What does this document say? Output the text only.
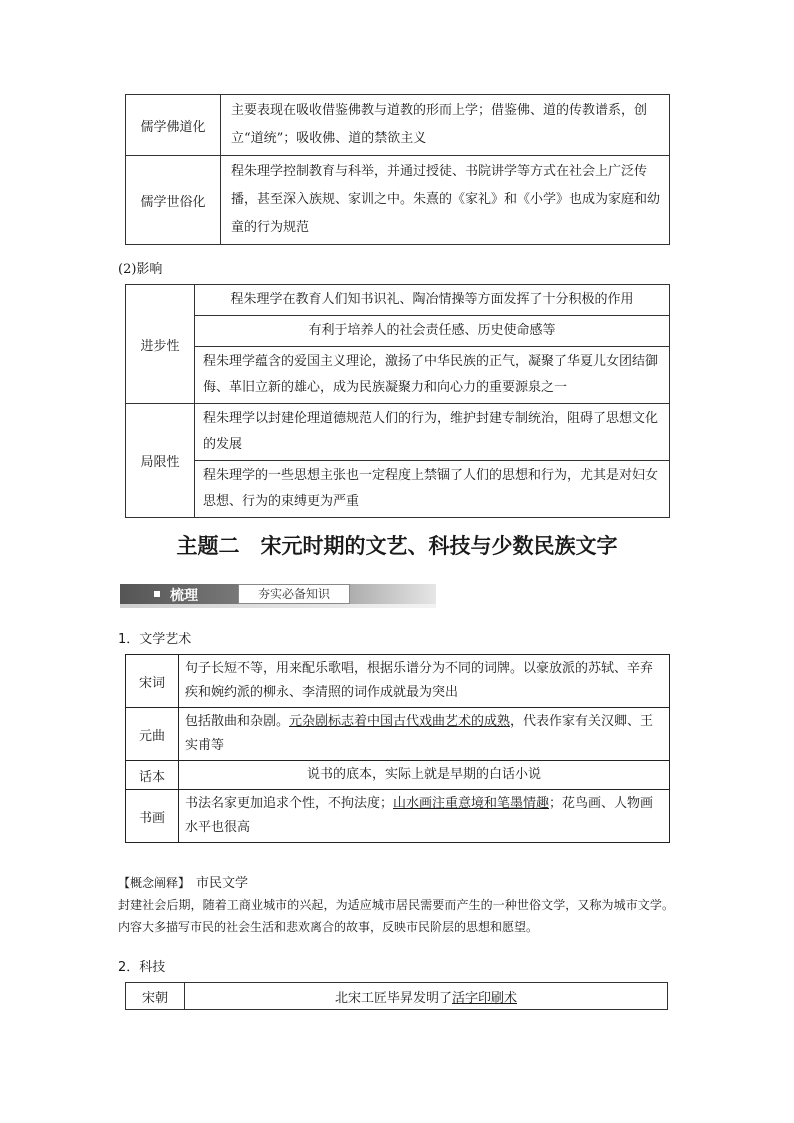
儒学佛道化	主要表现在吸收借鉴佛教与道教的形而上学；借鉴佛、道的传教谱系，创立“道统”；吸收佛、道的禁欲主义
儒学世俗化	程朱理学控制教育与科举，并通过授徒、书院讲学等方式在社会上广泛传播，甚至深入族规、家训之中。朱熹的《家礼》和《小学》也成为家庭和幼童的行为规范
(2)影响
进步性	程朱理学在教育人们知书识礼、陶冶情操等方面发挥了十分积极的作用
	有利于培养人的社会责任感、历史使命感等
	程朱理学蕴含的爱国主义理论，激扬了中华民族的正气，凝聚了华夏儿女团结御侮、革旧立新的雄心，成为民族凝聚力和向心力的重要源泉之一
局限性	程朱理学以封建伦理道德规范人们的行为，维护封建专制统治，阻碍了思想文化的发展
	程朱理学的一些思想主张也一定程度上禁锢了人们的思想和行为，尤其是对妇女思想、行为的束缚更为严重
主题二　宋元时期的文艺、科技与少数民族文字
梳理	夯实必备知识
1．文学艺术
宋词	句子长短不等，用来配乐歌唱，根据乐谱分为不同的词牌。以豪放派的苏轼、辛弃疾和婉约派的柳永、李清照的词作成就最为突出
元曲	包括散曲和杂剧。元杂剧标志着中国古代戏曲艺术的成熟，代表作家有关汉卿、王实甫等
话本	说书的底本，实际上就是早期的白话小说
书画	书法名家更加追求个性，不拘法度；山水画注重意境和笔墨情趣；花鸟画、人物画水平也很高
【概念阐释】 市民文学
封建社会后期，随着工商业城市的兴起，为适应城市居民需要而产生的一种世俗文学，又称为城市文学。内容大多描写市民的社会生活和悲欢离合的故事，反映市民阶层的思想和愿望。
2．科技
宋朝	北宋工匠毕昇发明了活字印刷术
